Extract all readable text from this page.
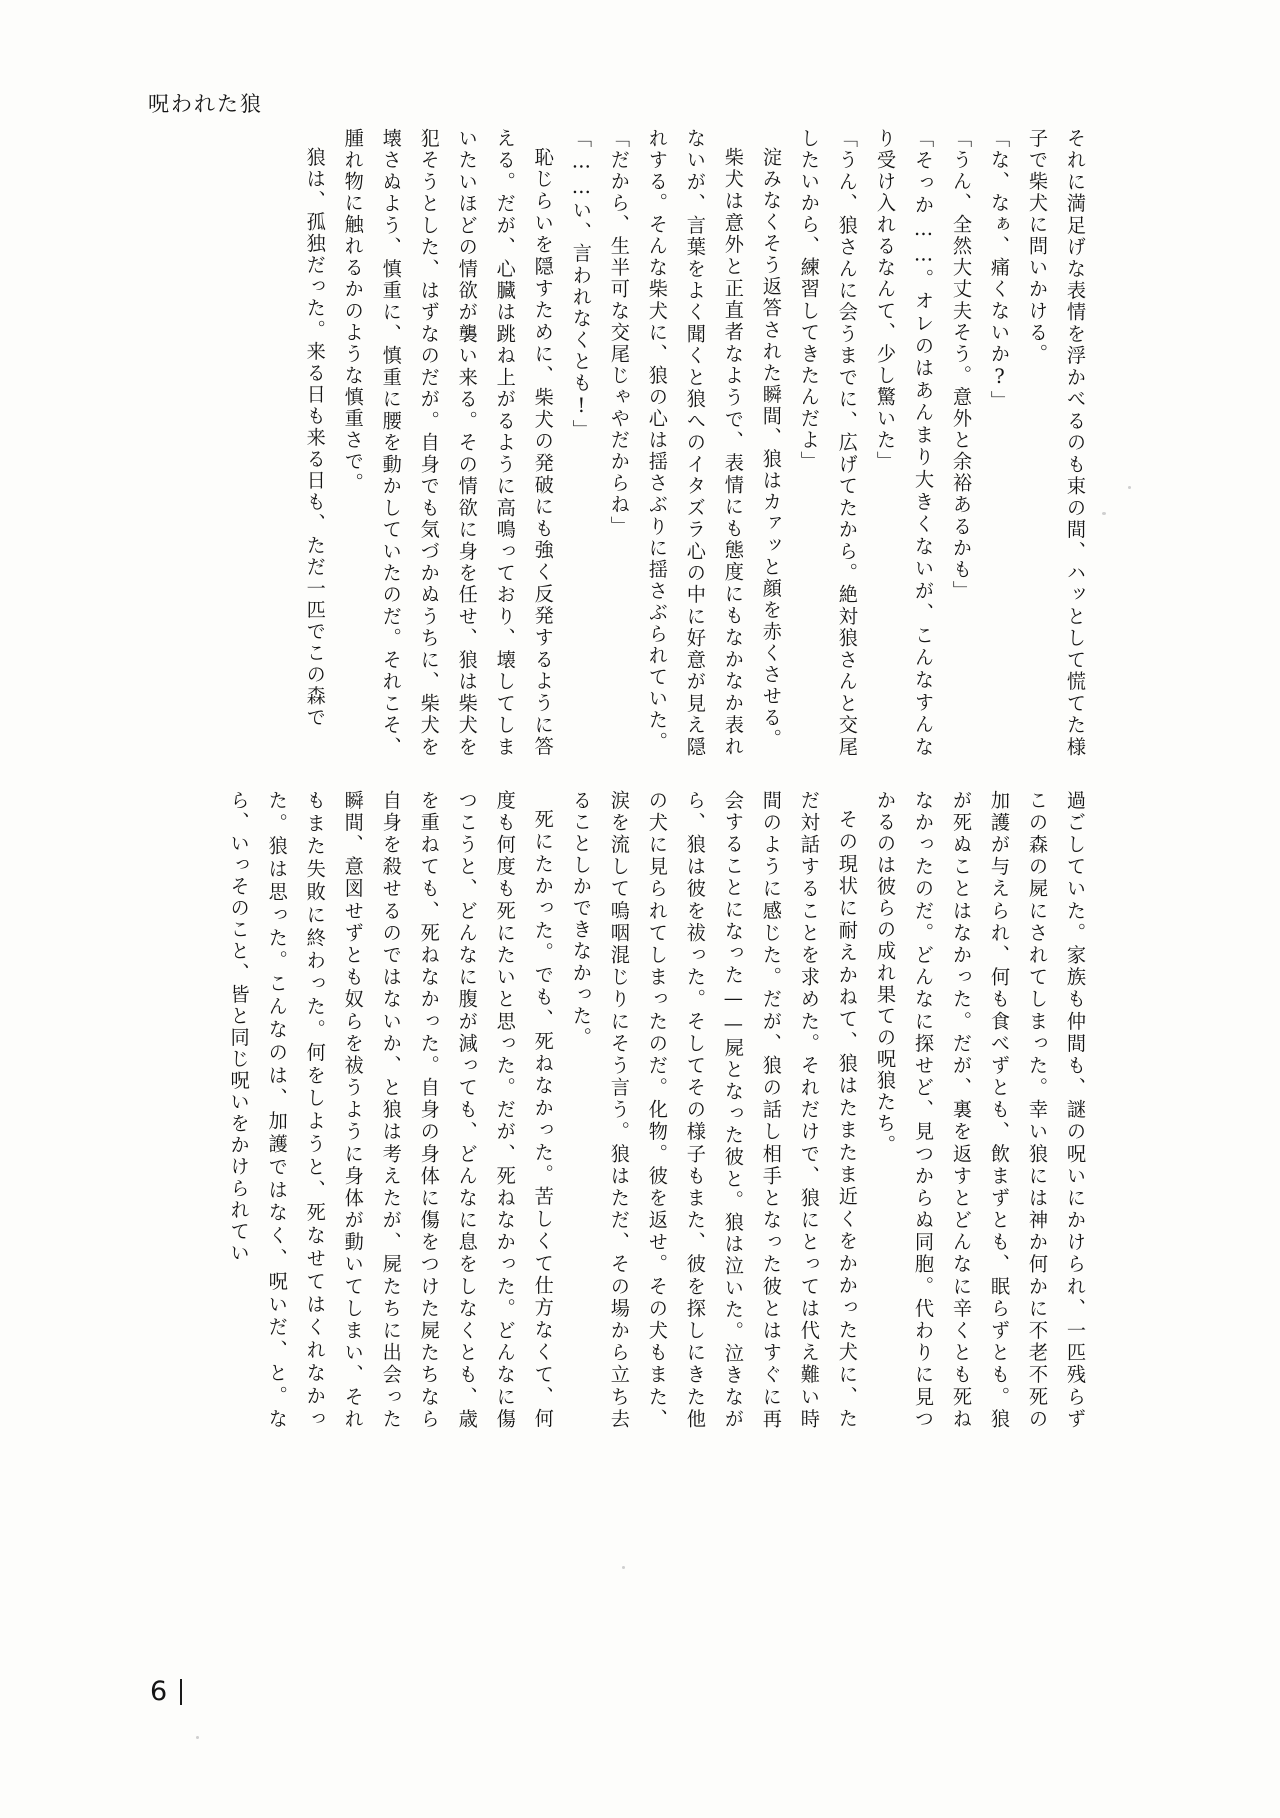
呪われた狼

それに満足げな表情を浮かべるのも束の間、ハッとして慌てた様子で柴犬に問いかける。

「な、なぁ、痛くないか?」

「うん、全然大丈夫そう。意外と余裕あるかも」

「そっか……。オレのはあんまり大きくないが、こんなすんなり受け入れるなんて、少し驚いた」

「うん、狼さんに会うまでに、広げてたから。絶対狼さんと交尾したいから、練習してきたんだよ」

淀みなくそう返答された瞬間、狼はカァッと顔を赤くさせる。

柴犬は意外と正直者なようで、表情にも態度にもなかなか表れないが、言葉をよく聞くと狼へのイタズラ心の中に好意が見え隠れする。そんな柴犬に、狼の心は揺さぶりに揺さぶられていた。

「だから、生半可な交尾じゃやだからね」

「……い、言われなくとも!」

恥じらいを隠すために、柴犬の発破にも強く反発するように答える。だが、心臓は跳ね上がるように高鳴っており、壊してしまいたいほどの情欲が襲い来る。その情欲に身を任せ、狼は柴犬を犯そうとした、はずなのだが。自身でも気づかぬうちに、柴犬を壊さぬよう、慎重に、慎重に腰を動かしていたのだ。それこそ、腫れ物に触れるかのような慎重さで。

狼は、孤独だった。来る日も来る日も、ただ一匹でこの森で

過ごしていた。家族も仲間も、謎の呪いにかけられ、一匹残らずこの森の屍にされてしまった。幸い狼には神か何かに不老不死の加護が与えられ、何も食べずとも、飲まずとも、眠らずとも。狼が死ぬことはなかった。だが、裏を返すとどんなに辛くとも死ねなかったのだ。どんなに探せど、見つからぬ同胞。代わりに見つかるのは彼らの成れ果ての呪狼たち。

その現状に耐えかねて、狼はたまたま近くをかかった犬に、ただ対話することを求めた。それだけで、狼にとっては代え難い時間のように感じた。だが、狼の話し相手となった彼とはすぐに再会することになった——屍となった彼と。狼は泣いた。泣きながら、狼は彼を祓った。そしてその様子もまた、彼を探しにきた他の犬に見られてしまったのだ。化物。彼を返せ。その犬もまた、涙を流して嗚咽混じりにそう言う。狼はただ、その場から立ち去ることしかできなかった。

死にたかった。でも、死ねなかった。苦しくて仕方なくて、何度も何度も死にたいと思った。だが、死ねなかった。どんなに傷つこうと、どんなに腹が減っても、どんなに息をしなくとも、歳を重ねても、死ねなかった。自身の身体に傷をつけた屍たちなら自身を殺せるのではないか、と狼は考えたが、屍たちに出会った瞬間、意図せずとも奴らを祓うように身体が動いてしまい、それもまた失敗に終わった。何をしようと、死なせてはくれなかった。狼は思った。こんなのは、加護ではなく、呪いだ、と。なら、いっそのこと、皆と同じ呪いをかけられてい

6
